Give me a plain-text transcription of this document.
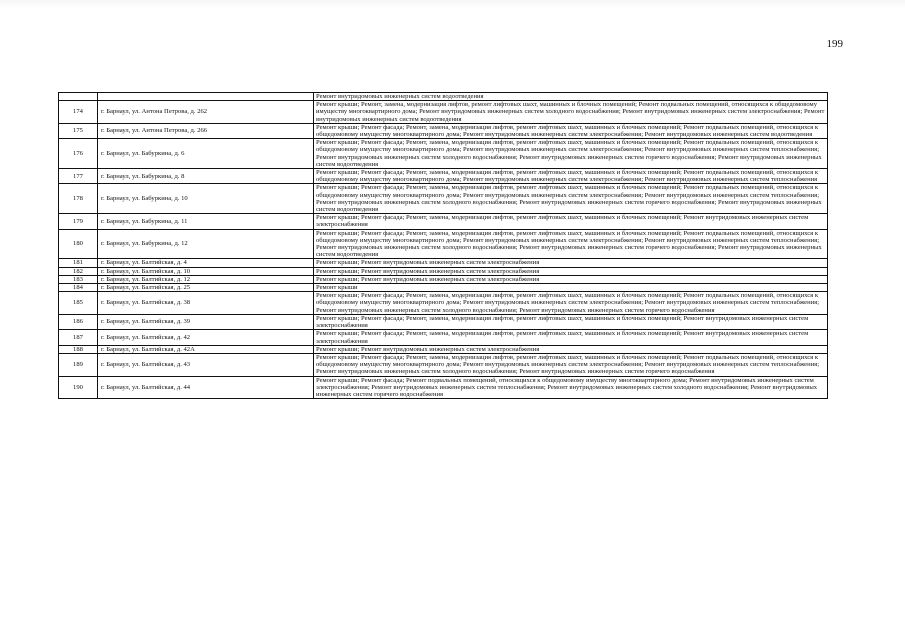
199
		Ремонт внутридомовых инженерных систем водоотведения
174	г. Барнаул, ул. Антона Петрова, д. 262	Ремонт крыши; Ремонт, замена, модернизация лифтов, ремонт лифтовых шахт, машинных и блочных помещений; Ремонт подвальных помещений, относящихся к общедомовому имуществу многоквартирного дома; Ремонт внутридомовых инженерных систем холодного водоснабжения; Ремонт внутридомовых инженерных систем электроснабжения; Ремонт внутридомовых инженерных систем водоотведения
175	г. Барнаул, ул. Антона Петрова, д. 266	Ремонт крыши; Ремонт фасада; Ремонт, замена, модернизация лифтов, ремонт лифтовых шахт, машинных и блочных помещений; Ремонт подвальных помещений, относящихся к общедомовому имуществу многоквартирного дома; Ремонт внутридомовых инженерных систем электроснабжения; Ремонт внутридомовых инженерных систем водоотведения
176	г. Барнаул, ул. Бабуркина, д. 6	Ремонт крыши; Ремонт фасада; Ремонт, замена, модернизация лифтов, ремонт лифтовых шахт, машинных и блочных помещений; Ремонт подвальных помещений, относящихся к общедомовому имуществу многоквартирного дома; Ремонт внутридомовых инженерных систем электроснабжения; Ремонт внутридомовых инженерных систем теплоснабжения; Ремонт внутридомовых инженерных систем холодного водоснабжения; Ремонт внутридомовых инженерных систем горячего водоснабжения; Ремонт внутридомовых инженерных систем водоотведения
177	г. Барнаул, ул. Бабуркина, д. 8	Ремонт крыши; Ремонт фасада; Ремонт, замена, модернизация лифтов, ремонт лифтовых шахт, машинных и блочных помещений; Ремонт подвальных помещений, относящихся к общедомовому имуществу многоквартирного дома; Ремонт внутридомовых инженерных систем электроснабжения; Ремонт внутридомовых инженерных систем теплоснабжения
178	г. Барнаул, ул. Бабуркина, д. 10	Ремонт крыши; Ремонт фасада; Ремонт, замена, модернизация лифтов, ремонт лифтовых шахт, машинных и блочных помещений; Ремонт подвальных помещений, относящихся к общедомовому имуществу многоквартирного дома; Ремонт внутридомовых инженерных систем электроснабжения; Ремонт внутридомовых инженерных систем теплоснабжения; Ремонт внутридомовых инженерных систем холодного водоснабжения; Ремонт внутридомовых инженерных систем горячего водоснабжения; Ремонт внутридомовых инженерных систем водоотведения
179	г. Барнаул, ул. Бабуркина, д. 11	Ремонт крыши; Ремонт фасада; Ремонт, замена, модернизация лифтов, ремонт лифтовых шахт, машинных и блочных помещений; Ремонт внутридомовых инженерных систем электроснабжения
180	г. Барнаул, ул. Бабуркина, д. 12	Ремонт крыши; Ремонт фасада; Ремонт, замена, модернизация лифтов, ремонт лифтовых шахт, машинных и блочных помещений; Ремонт подвальных помещений, относящихся к общедомовому имуществу многоквартирного дома; Ремонт внутридомовых инженерных систем электроснабжения; Ремонт внутридомовых инженерных систем теплоснабжения; Ремонт внутридомовых инженерных систем холодного водоснабжения; Ремонт внутридомовых инженерных систем горячего водоснабжения; Ремонт внутридомовых инженерных систем водоотведения
181	г. Барнаул, ул. Балтийская, д. 4	Ремонт крыши; Ремонт внутридомовых инженерных систем электроснабжения
182	г. Барнаул, ул. Балтийская, д. 10	Ремонт крыши; Ремонт внутридомовых инженерных систем электроснабжения
183	г. Барнаул, ул. Балтийская, д. 12	Ремонт крыши; Ремонт внутридомовых инженерных систем электроснабжения
184	г. Барнаул, ул. Балтийская, д. 25	Ремонт крыши
185	г. Барнаул, ул. Балтийская, д. 38	Ремонт крыши; Ремонт фасада; Ремонт, замена, модернизация лифтов, ремонт лифтовых шахт, машинных и блочных помещений; Ремонт подвальных помещений, относящихся к общедомовому имуществу многоквартирного дома; Ремонт внутридомовых инженерных систем электроснабжения; Ремонт внутридомовых инженерных систем теплоснабжения; Ремонт внутридомовых инженерных систем холодного водоснабжения; Ремонт внутридомовых инженерных систем горячего водоснабжения
186	г. Барнаул, ул. Балтийская, д. 39	Ремонт крыши; Ремонт фасада; Ремонт, замена, модернизация лифтов, ремонт лифтовых шахт, машинных и блочных помещений; Ремонт внутридомовых инженерных систем электроснабжения
187	г. Барнаул, ул. Балтийская, д. 42	Ремонт крыши; Ремонт фасада; Ремонт, замена, модернизация лифтов, ремонт лифтовых шахт, машинных и блочных помещений; Ремонт внутридомовых инженерных систем электроснабжения
188	г. Барнаул, ул. Балтийская, д. 42А	Ремонт крыши; Ремонт внутридомовых инженерных систем электроснабжения
189	г. Барнаул, ул. Балтийская, д. 43	Ремонт крыши; Ремонт фасада; Ремонт, замена, модернизация лифтов, ремонт лифтовых шахт, машинных и блочных помещений; Ремонт подвальных помещений, относящихся к общедомовому имуществу многоквартирного дома; Ремонт внутридомовых инженерных систем электроснабжения; Ремонт внутридомовых инженерных систем теплоснабжения; Ремонт внутридомовых инженерных систем холодного водоснабжения; Ремонт внутридомовых инженерных систем горячего водоснабжения
190	г. Барнаул, ул. Балтийская, д. 44	Ремонт крыши; Ремонт фасада; Ремонт подвальных помещений, относящихся к общедомовому имуществу многоквартирного дома; Ремонт внутридомовых инженерных систем электроснабжения; Ремонт внутридомовых инженерных систем теплоснабжения; Ремонт внутридомовых инженерных систем холодного водоснабжения; Ремонт внутридомовых инженерных систем горячего водоснабжения
